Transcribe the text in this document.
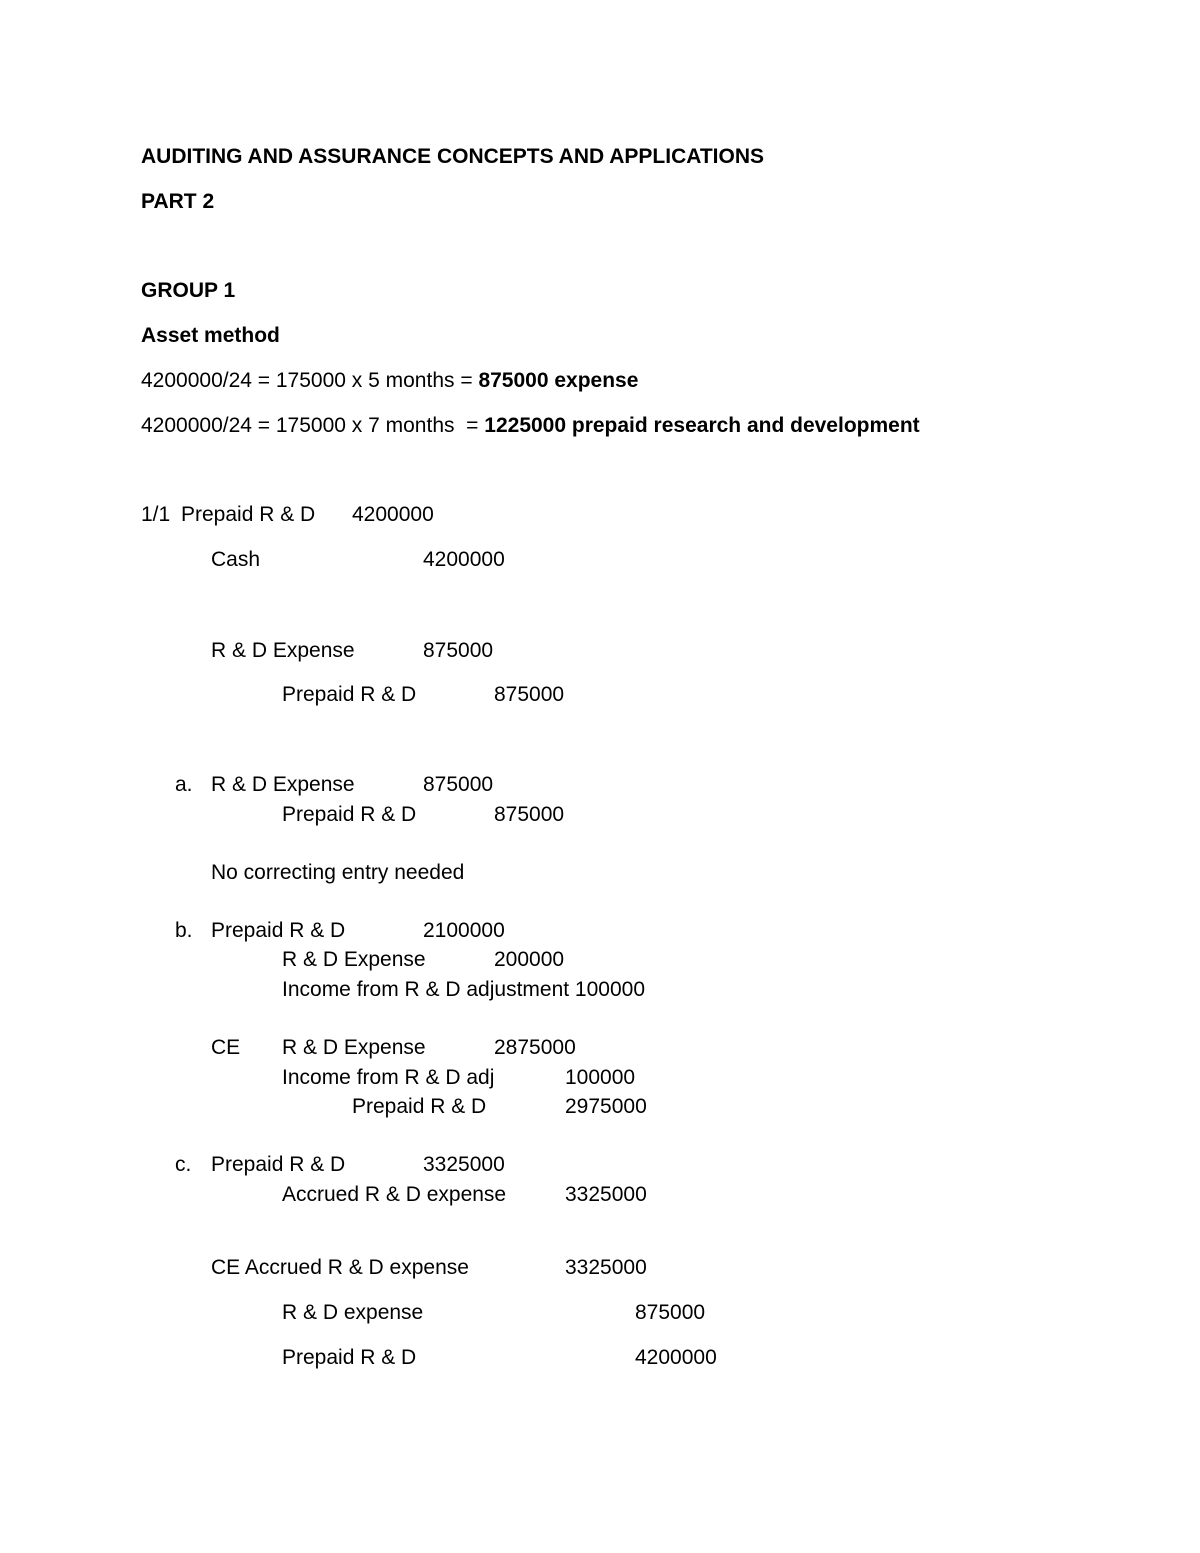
AUDITING AND ASSURANCE CONCEPTS AND APPLICATIONS
PART 2
GROUP 1
Asset method
4200000/24 = 175000 x 5 months = 875000 expense
4200000/24 = 175000 x 7 months  = 1225000 prepaid research and development
1/1 Prepaid R & D 4200000
Cash	4200000
R & D Expense	875000
Prepaid R & D	875000
a. R & D Expense	875000
Prepaid R & D	875000
No correcting entry needed
b. Prepaid R & D	2100000
R & D Expense	200000
Income from R & D adjustment 100000
CE R & D Expense	2875000
Income from R & D adj	100000
Prepaid R & D	2975000
c. Prepaid R & D	3325000
Accrued R & D expense	3325000
CE Accrued R & D expense	3325000
R & D expense	875000
Prepaid R & D	4200000
